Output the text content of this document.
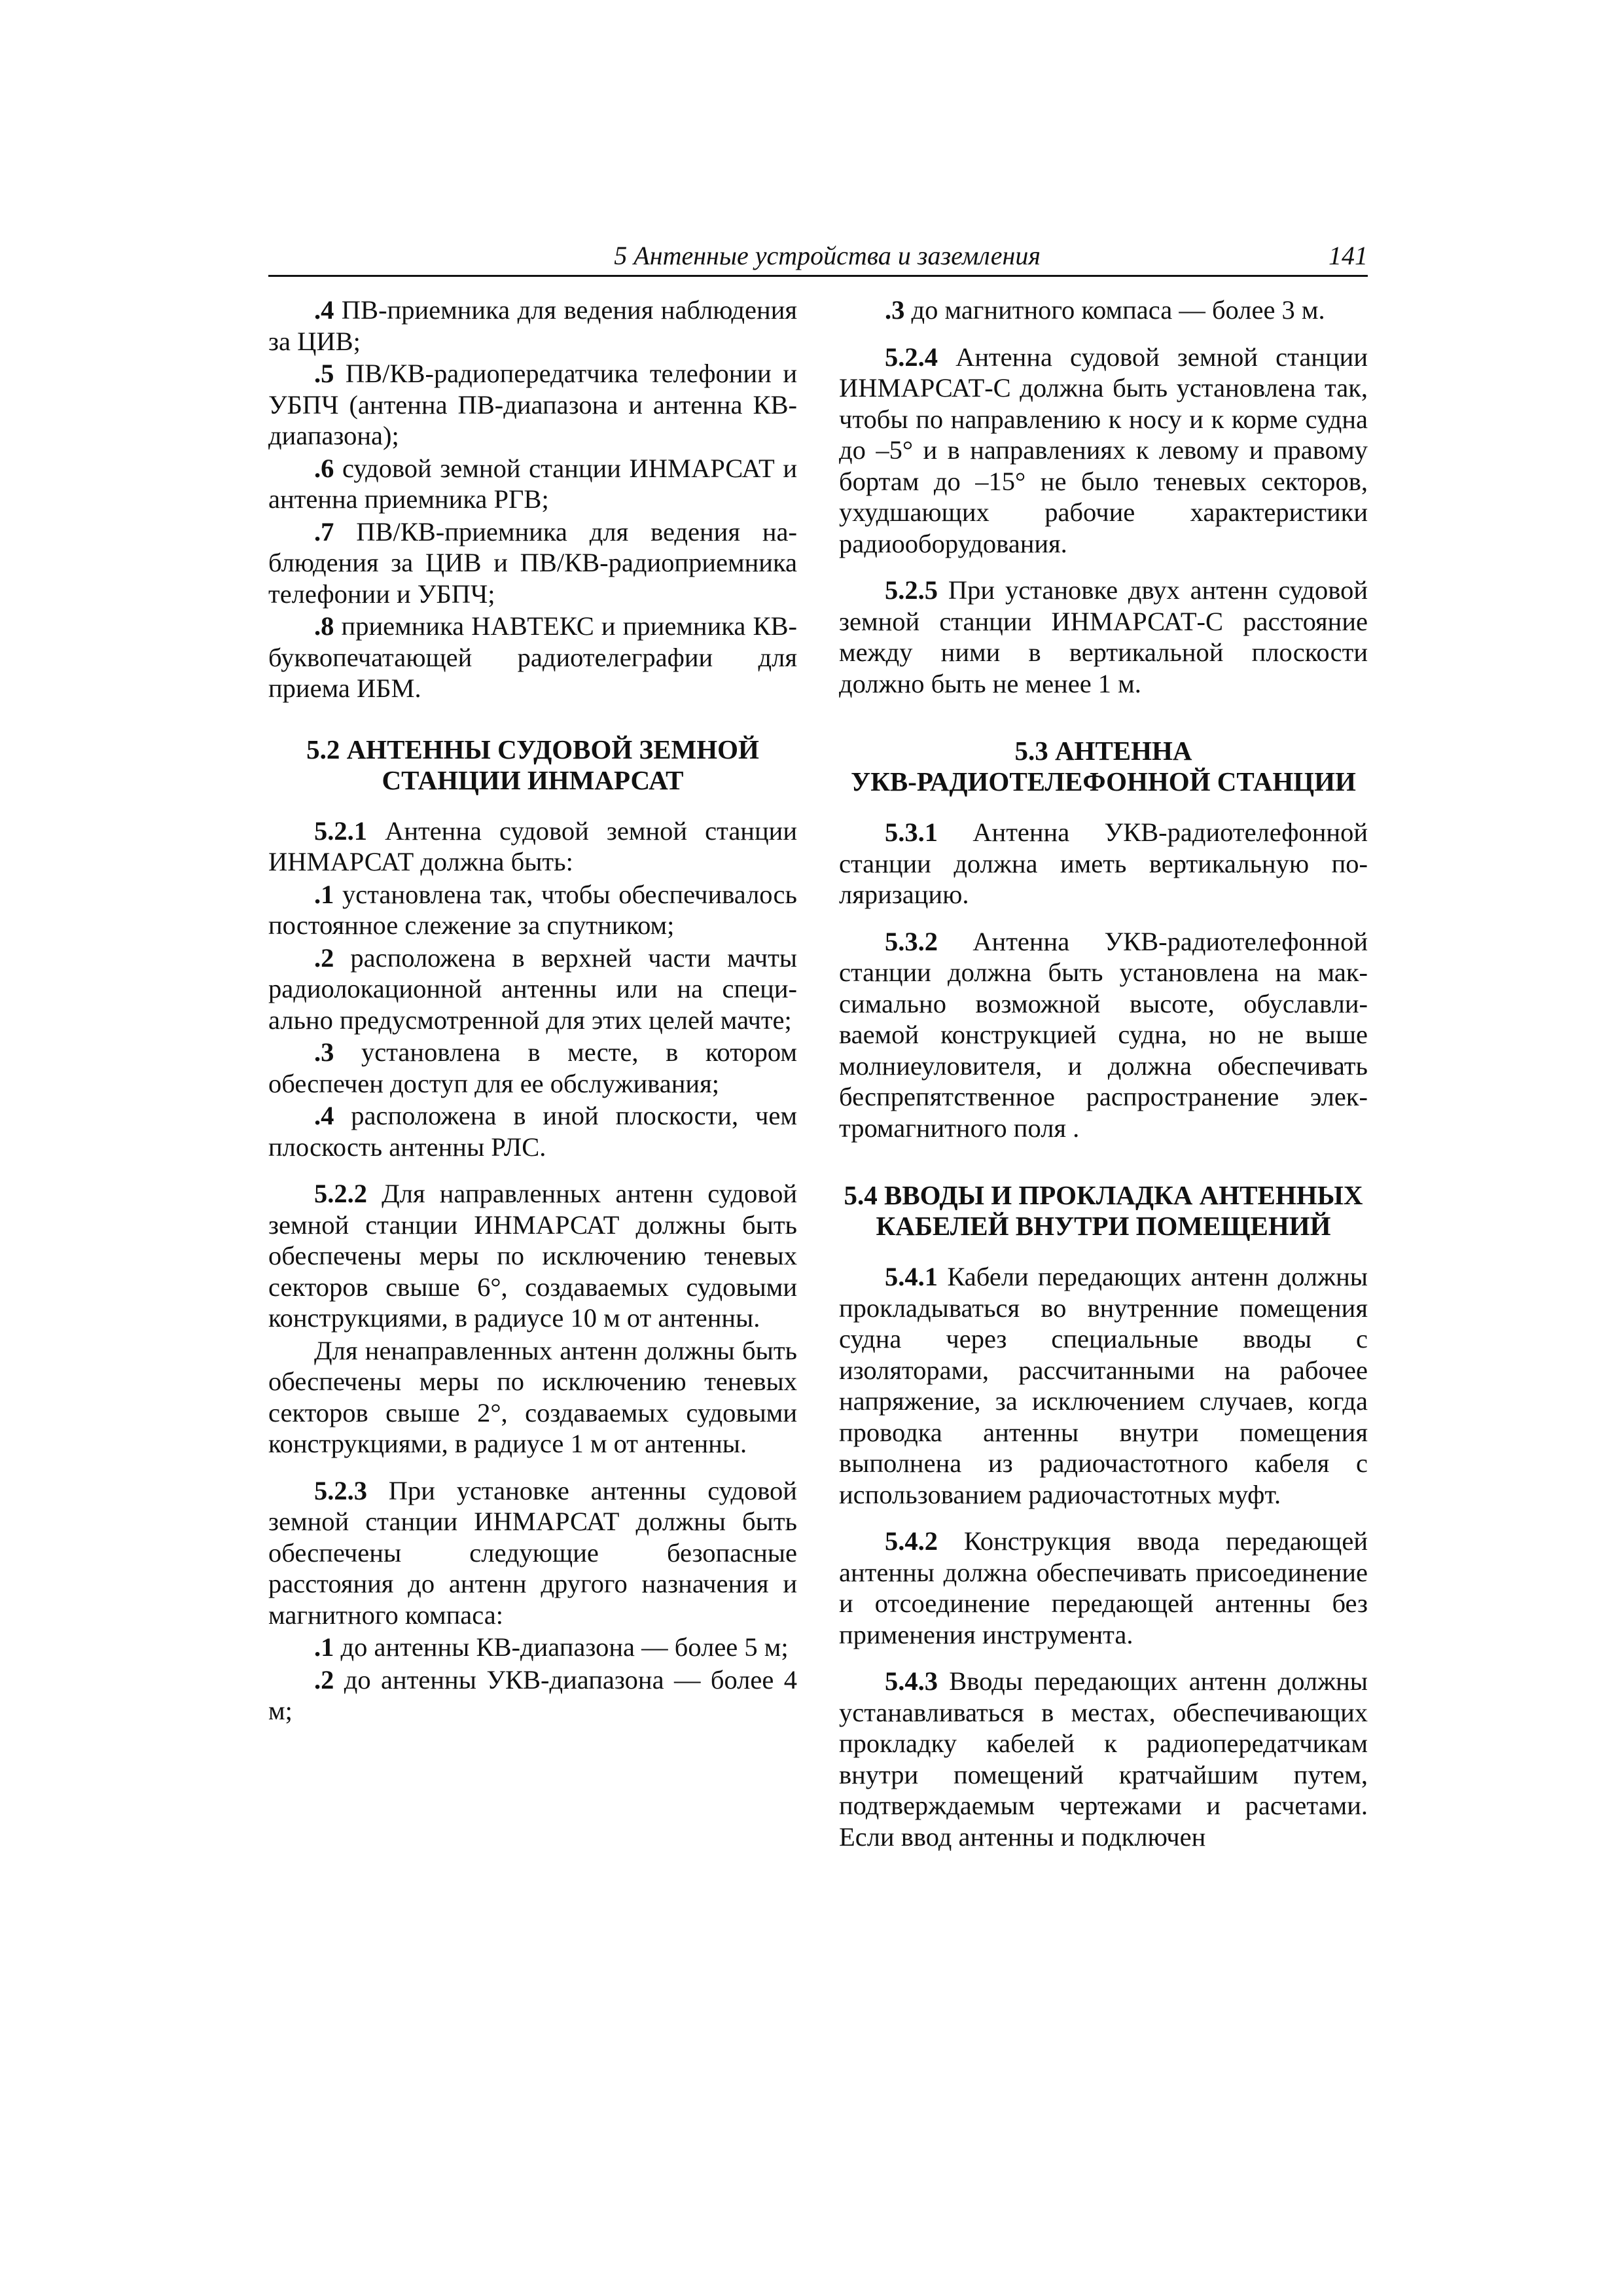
5 Антенные устройства и заземления	141

.4 ПВ-приемника для ведения наблюдения за ЦИВ;

.5 ПВ/КВ-радиопередатчика телефонии и УБПЧ (антенна ПВ-диапазона и антенна КВ-диапазона);

.6 судовой земной станции ИНМАРСАТ и антенна приемника РГВ;

.7 ПВ/КВ-приемника для ведения наблюдения за ЦИВ и ПВ/КВ-радиоприемника телефонии и УБПЧ;

.8 приемника НАВТЕКС и приемника КВ-буквопечатающей радиотелеграфии для приема ИБМ.

5.2 АНТЕННЫ СУДОВОЙ ЗЕМНОЙ СТАНЦИИ ИНМАРСАТ

5.2.1 Антенна судовой земной станции ИНМАРСАТ должна быть:

.1 установлена так, чтобы обеспечивалось постоянное слежение за спутником;

.2 расположена в верхней части мачты радиолокационной антенны или на специально предусмотренной для этих целей мачте;

.3 установлена в месте, в котором обеспечен доступ для ее обслуживания;

.4 расположена в иной плоскости, чем плоскость антенны РЛС.

5.2.2 Для направленных антенн судовой земной станции ИНМАРСАТ должны быть обеспечены меры по исключению теневых секторов свыше 6°, создаваемых судовыми конструкциями, в радиусе 10 м от антенны.

Для ненаправленных антенн должны быть обеспечены меры по исключению теневых секторов свыше 2°, создаваемых судовыми конструкциями, в радиусе 1 м от антенны.

5.2.3 При установке антенны судовой земной станции ИНМАРСАТ должны быть обеспечены следующие безопасные расстояния до антенн другого назначения и магнитного компаса:

.1 до антенны КВ-диапазона — более 5 м;

.2 до антенны УКВ-диапазона — более 4 м;

.3 до магнитного компаса — более 3 м.

5.2.4 Антенна судовой земной станции ИНМАРСАТ-С должна быть установлена так, чтобы по направлению к носу и к корме судна до –5° и в направлениях к левому и правому бортам до –15° не было теневых секторов, ухудшающих рабочие характеристики радиооборудования.

5.2.5 При установке двух антенн судовой земной станции ИНМАРСАТ-С расстояние между ними в вертикальной плоскости должно быть не менее 1 м.

5.3 АНТЕННА
УКВ-РАДИОТЕЛЕФОННОЙ СТАНЦИИ

5.3.1 Антенна УКВ-радиотелефонной станции должна иметь вертикальную поляризацию.

5.3.2 Антенна УКВ-радиотелефонной станции должна быть установлена на максимально возможной высоте, обуславливаемой конструкцией судна, но не выше молниеуловителя, и должна обеспечивать беспрепятственное распространение электромагнитного поля .

5.4 ВВОДЫ И ПРОКЛАДКА АНТЕННЫХ КАБЕЛЕЙ ВНУТРИ ПОМЕЩЕНИЙ

5.4.1 Кабели передающих антенн должны прокладываться во внутренние помещения судна через специальные вводы с изоляторами, рассчитанными на рабочее напряжение, за исключением случаев, когда проводка антенны внутри помещения выполнена из радиочастотного кабеля с использованием радиочастотных муфт.

5.4.2 Конструкция ввода передающей антенны должна обеспечивать присоединение и отсоединение передающей антенны без применения инструмента.

5.4.3 Вводы передающих антенн должны устанавливаться в местах, обеспечивающих прокладку кабелей к радиопередатчикам внутри помещений кратчайшим путем, подтверждаемым чертежами и расчетами. Если ввод антенны и подключен
